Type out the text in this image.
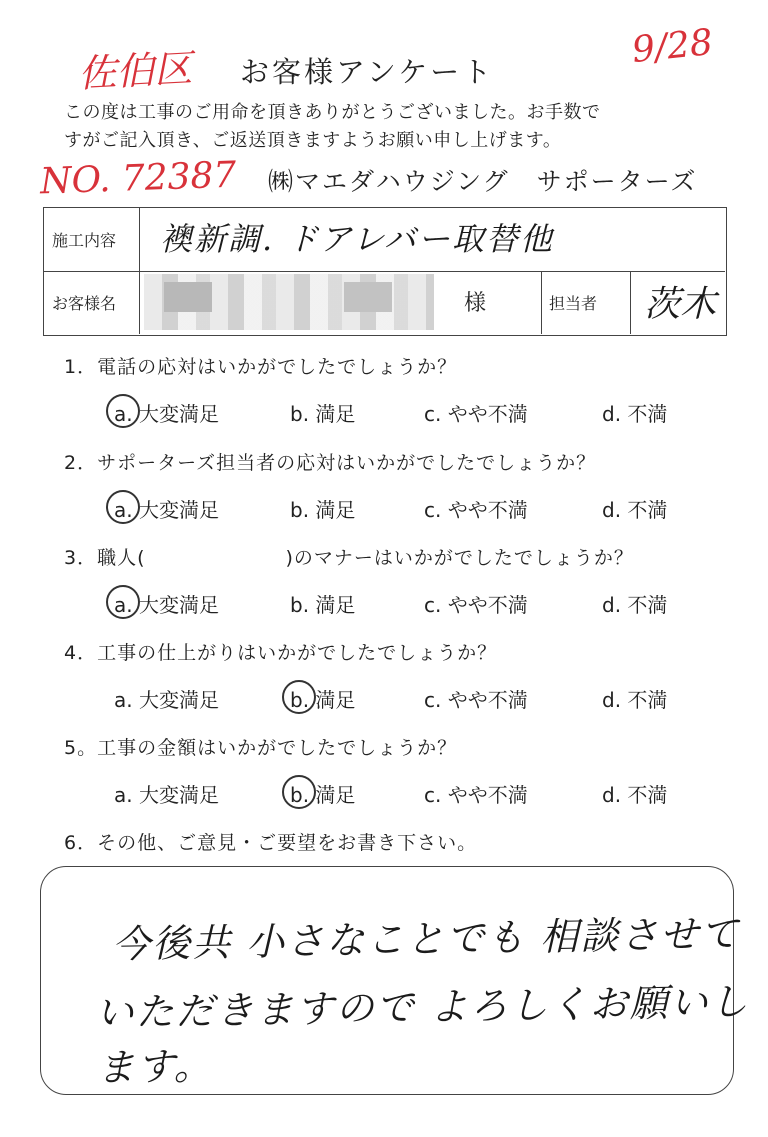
佐伯区 お客様アンケート
9/28
この度は工事のご用命を頂きありがとうございました。お手数で
すがご記入頂き、ご返送頂きますようお願い申し上げます。
NO. 72387 ㈱マエダハウジング　サポーターズ
施工内容 襖新調. ドアレバー取替他
お客様名	様	担当者 茨木
1．電話の応対はいかがでしたでしょうか？
a. 大変満足	b. 満足	c. やや不満	d. 不満
2．サポーターズ担当者の応対はいかがでしたでしょうか？
a. 大変満足	b. 満足	c. やや不満	d. 不満
3．職人(　　　　　　　)のマナーはいかがでしたでしょうか？
a. 大変満足	b. 満足	c. やや不満	d. 不満
4．工事の仕上がりはいかがでしたでしょうか？
a. 大変満足	b. 満足	c. やや不満	d. 不満
5。工事の金額はいかがでしたでしょうか？
a. 大変満足	b. 満足	c. やや不満	d. 不満
6．その他、ご意見・ご要望をお書き下さい。
今後共 小さなことでも 相談させて
いただきますので よろしくお願いします。
